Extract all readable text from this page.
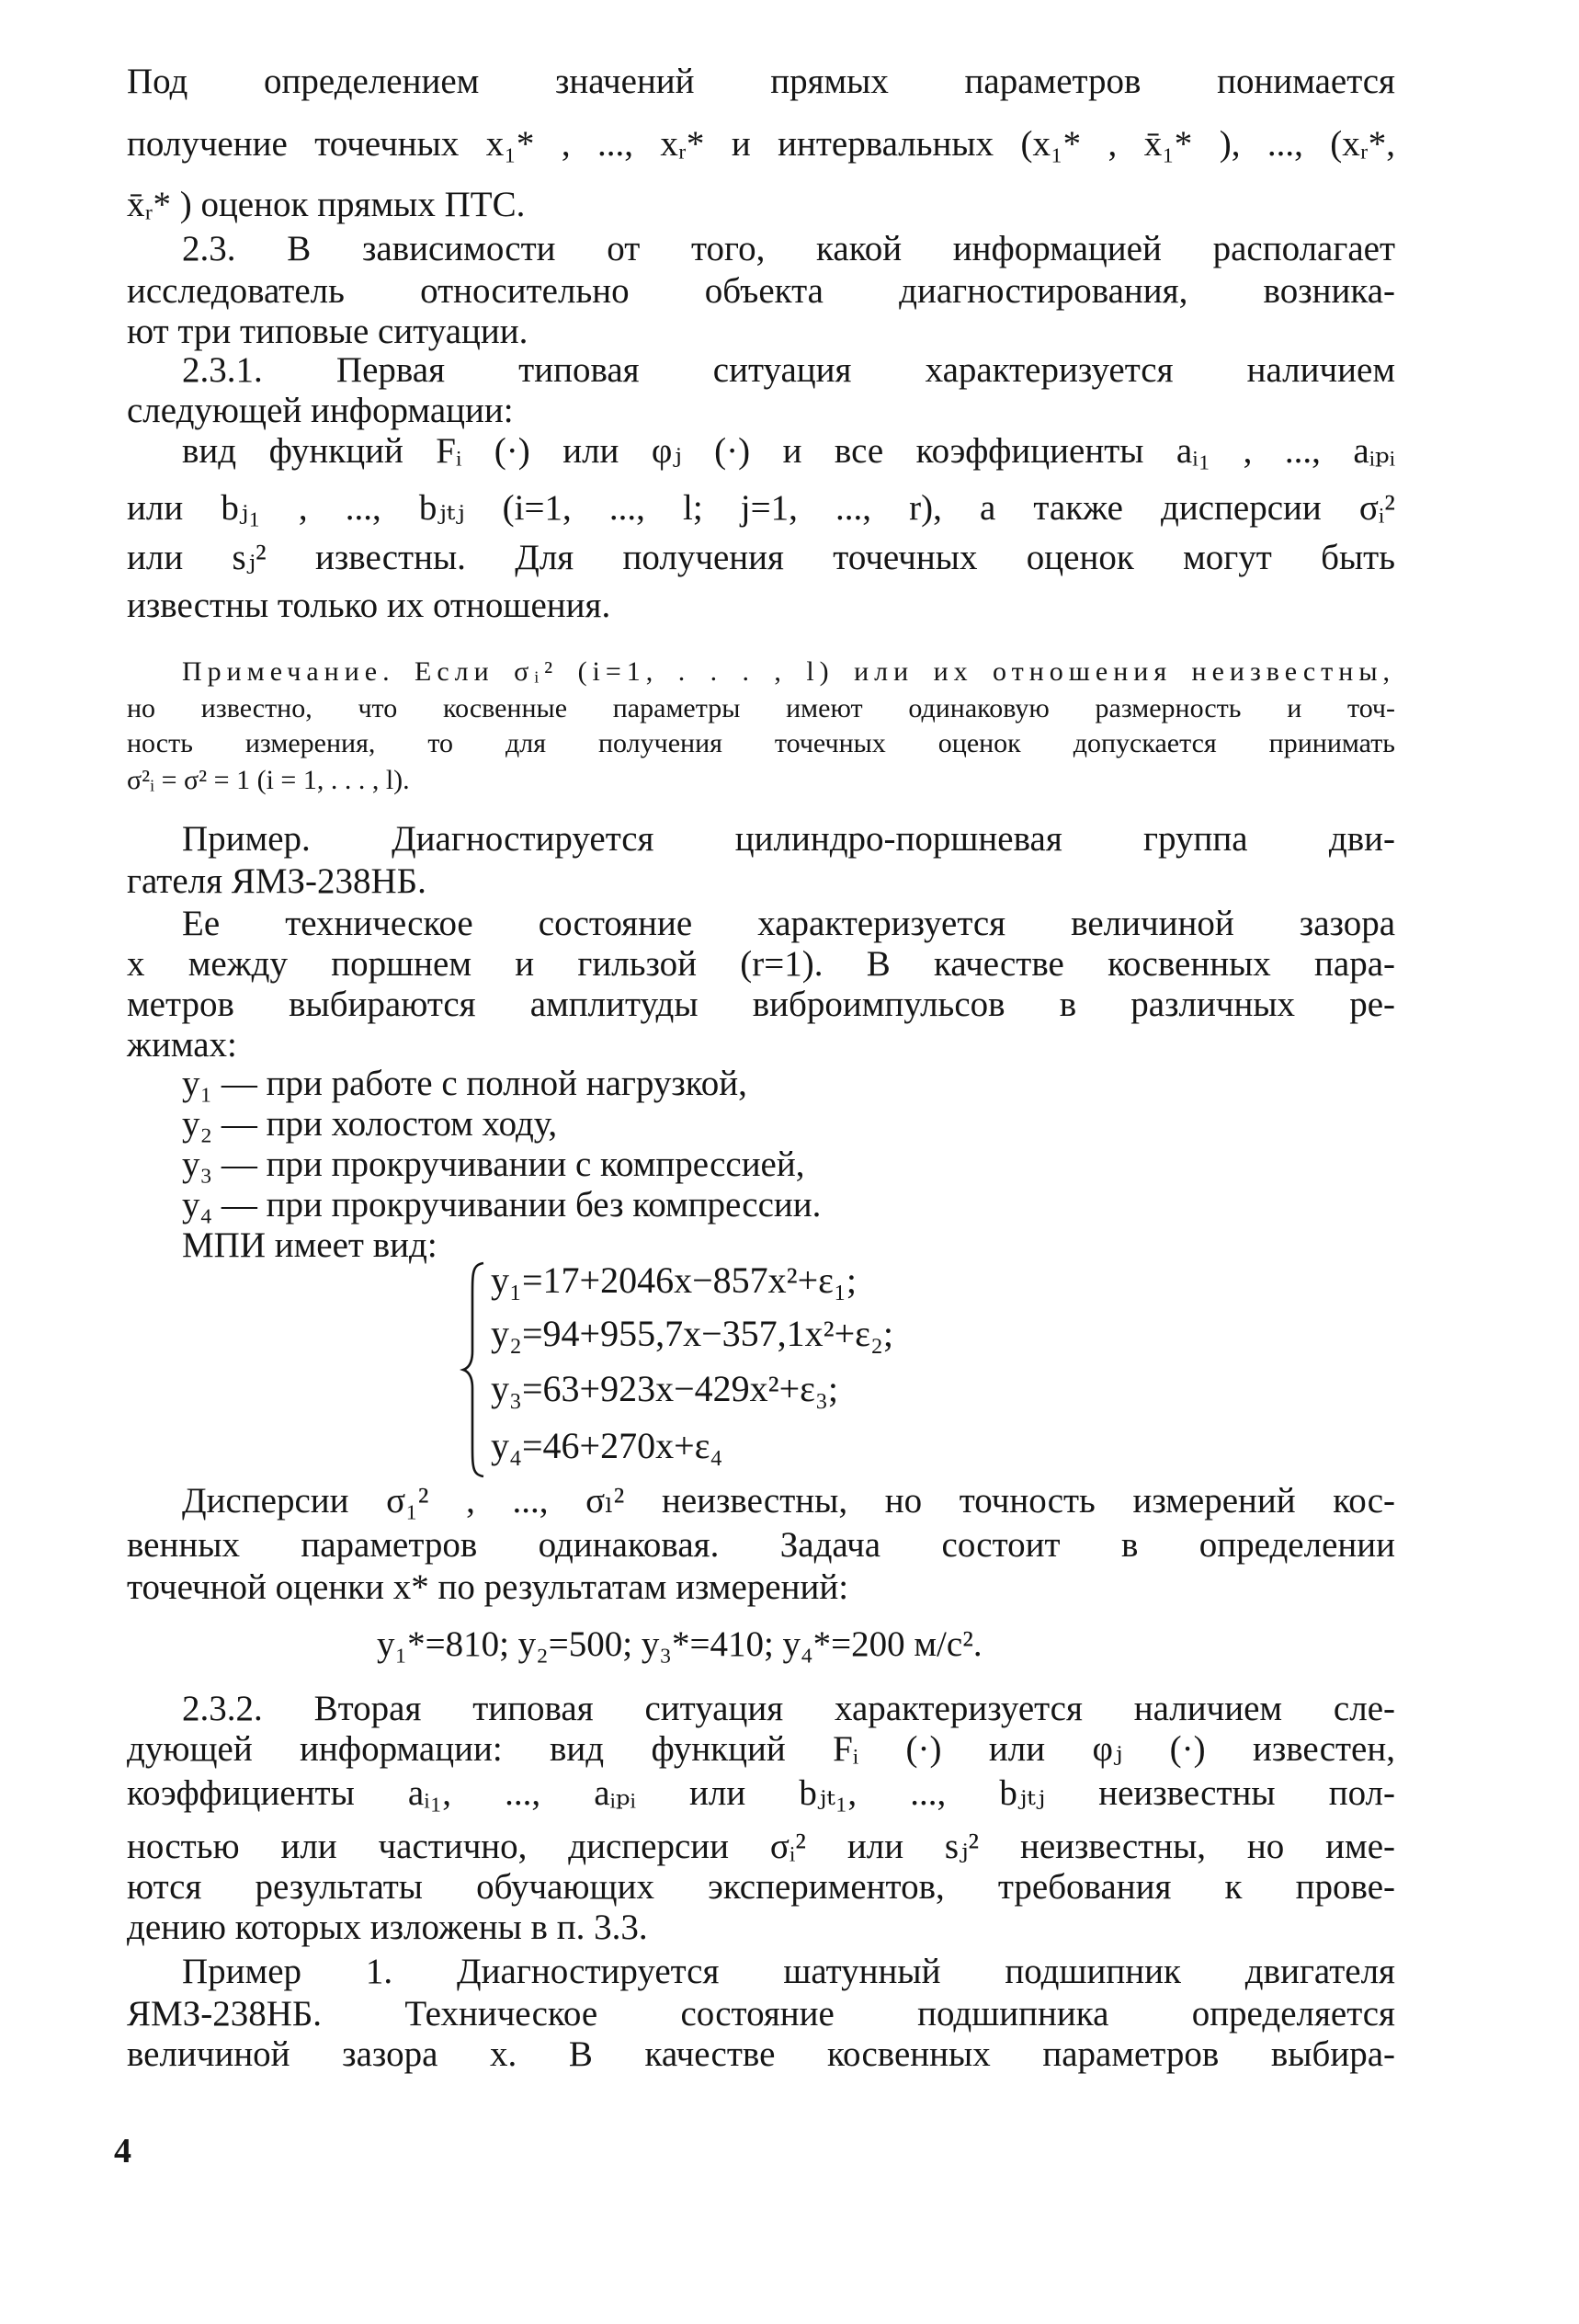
Под определением значений прямых параметров понимается
получение точечных x₁* , ..., xᵣ* и интервальных (x₁* , x̄₁* ), ..., (xᵣ*,
x̄ᵣ* ) оценок прямых ПТС.
2.3. В зависимости от того, какой информацией располагает
исследователь относительно объекта диагностирования, возника-
ют три типовые ситуации.
2.3.1. Первая типовая ситуация характеризуется наличием
следующей информации:
вид функций Fᵢ (·) или φⱼ (·) и все коэффициенты aᵢ₁ , ..., aᵢₚᵢ
или bⱼ₁ , ..., bⱼₜⱼ (i=1, ..., l; j=1, ..., r), а также дисперсии σᵢ²
или sⱼ² известны. Для получения точечных оценок могут быть
известны только их отношения.
Примечание. Если σᵢ² (i=1, . . . , l) или их отношения неизвестны,
но известно, что косвенные параметры имеют одинаковую размерность и точ-
ность измерения, то для получения точечных оценок допускается принимать
σ²ᵢ = σ² = 1 (i = 1, . . . , l).
Пример. Диагностируется цилиндро-поршневая группа дви-
гателя ЯМЗ-238НБ.
Ее техническое состояние характеризуется величиной зазора
x между поршнем и гильзой (r=1). В качестве косвенных пара-
метров выбираются амплитуды виброимпульсов в различных ре-
жимах:
y₁ — при работе с полной нагрузкой,
y₂ — при холостом ходу,
y₃ — при прокручивании с компрессией,
y₄ — при прокручивании без компрессии.
МПИ имеет вид:
y₁=17+2046x−857x²+ε₁;
y₂=94+955,7x−357,1x²+ε₂;
y₃=63+923x−429x²+ε₃;
y₄=46+270x+ε₄
Дисперсии σ₁² , ..., σₗ² неизвестны, но точность измерений кос-
венных параметров одинаковая. Задача состоит в определении
точечной оценки x* по результатам измерений:
y₁*=810; y₂=500; y₃*=410; y₄*=200 м/с².
2.3.2. Вторая типовая ситуация характеризуется наличием сле-
дующей информации: вид функций Fᵢ (·) или φⱼ (·) известен,
коэффициенты aᵢ₁, ..., aᵢₚᵢ или bⱼₜ₁, ..., bⱼₜⱼ неизвестны пол-
ностью или частично, дисперсии σᵢ² или sⱼ² неизвестны, но име-
ются результаты обучающих экспериментов, требования к прове-
дению которых изложены в п. 3.3.
Пример 1. Диагностируется шатунный подшипник двигателя
ЯМЗ-238НБ. Техническое состояние подшипника определяется
величиной зазора x. В качестве косвенных параметров выбира-
4
